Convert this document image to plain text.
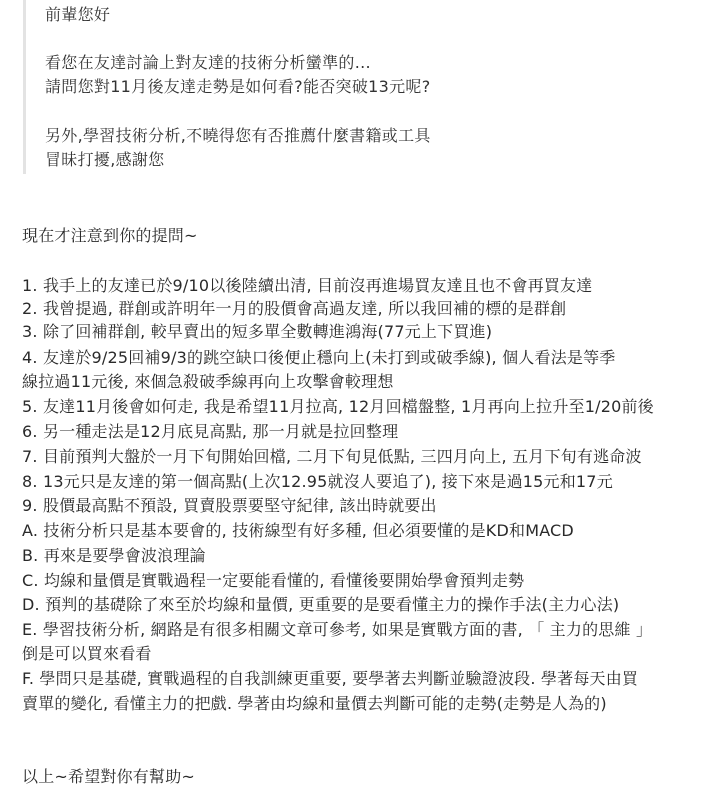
前輩您好
看您在友達討論上對友達的技術分析蠻準的...
請問您對11月後友達走勢是如何看?能否突破13元呢?
另外,學習技術分析,不曉得您有否推薦什麼書籍或工具
冒昧打擾,感謝您
現在才注意到你的提問~
1. 我手上的友達已於9/10以後陸續出清, 目前沒再進場買友達且也不會再買友達
2. 我曾提過, 群創或許明年一月的股價會高過友達, 所以我回補的標的是群創
3. 除了回補群創, 較早賣出的短多單全數轉進鴻海(77元上下買進)
4. 友達於9/25回補9/3的跳空缺口後便止穩向上(未打到或破季線), 個人看法是等季
線拉過11元後, 來個急殺破季線再向上攻擊會較理想
5. 友達11月後會如何走, 我是希望11月拉高, 12月回檔盤整, 1月再向上拉升至1/20前後
6. 另一種走法是12月底見高點, 那一月就是拉回整理
7. 目前預判大盤於一月下旬開始回檔, 二月下旬見低點, 三四月向上, 五月下旬有逃命波
8. 13元只是友達的第一個高點(上次12.95就沒人要追了), 接下來是過15元和17元
9. 股價最高點不預設, 買賣股票要堅守紀律, 該出時就要出
A. 技術分析只是基本要會的, 技術線型有好多種, 但必須要懂的是KD和MACD
B. 再來是要學會波浪理論
C. 均線和量價是實戰過程一定要能看懂的, 看懂後要開始學會預判走勢
D. 預判的基礎除了來至於均線和量價, 更重要的是要看懂主力的操作手法(主力心法)
E. 學習技術分析, 網路是有很多相關文章可參考, 如果是實戰方面的書, 「 主力的思維 」
倒是可以買來看看
F. 學問只是基礎, 實戰過程的自我訓練更重要, 要學著去判斷並驗證波段. 學著每天由買
賣單的變化, 看懂主力的把戲. 學著由均線和量價去判斷可能的走勢(走勢是人為的)
以上~希望對你有幫助~
